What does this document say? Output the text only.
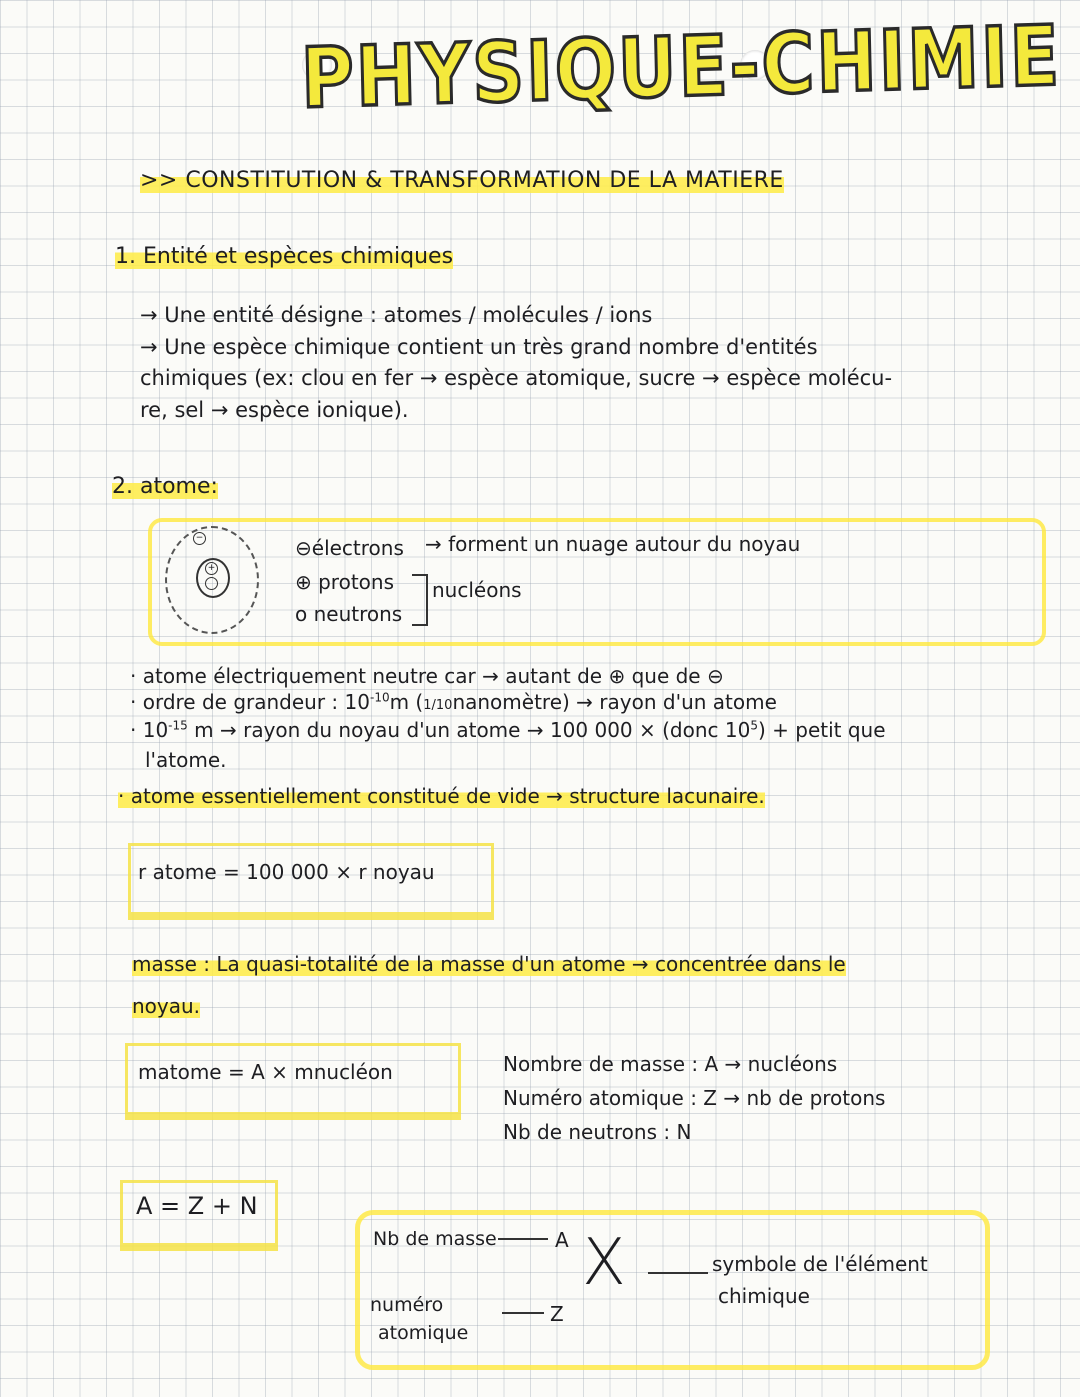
PHYSIQUE-CHIMIE
>> CONSTITUTION & TRANSFORMATION DE LA MATIERE
1. Entité et espèces chimiques
→ Une entité désigne : atomes / molécules / ions
→ Une espèce chimique contient un très grand nombre d'entités
chimiques (ex: clou en fer → espèce atomique, sucre → espèce molécu-
re, sel → espèce ionique).
2. atome:
−
+
⊖électrons → forment un nuage autour du noyau
⊕ protons
o neutrons
nucléons
· atome électriquement neutre car → autant de ⊕ que de ⊖
· ordre de grandeur : $10^{-10}m$ (1/10nanomètre) → rayon d'un atome
· $10^{-15}$ m → rayon du noyau d'un atome → 100 000 × (donc $10^5$) + petit que
l'atome.
· atome essentiellement constitué de vide → structure lacunaire.
r atome = 100 000 × r noyau
masse : La quasi-totalité de la masse d'un atome → concentrée dans le
noyau.
matome = A × mnucléon	Nombre de masse : A → nucléons
Numéro atomique : Z → nb de protons
Nb de neutrons : N
A = Z + N
Nb de masse	A X	symbole de l'élément
chimique
numéro
atomique
Z
